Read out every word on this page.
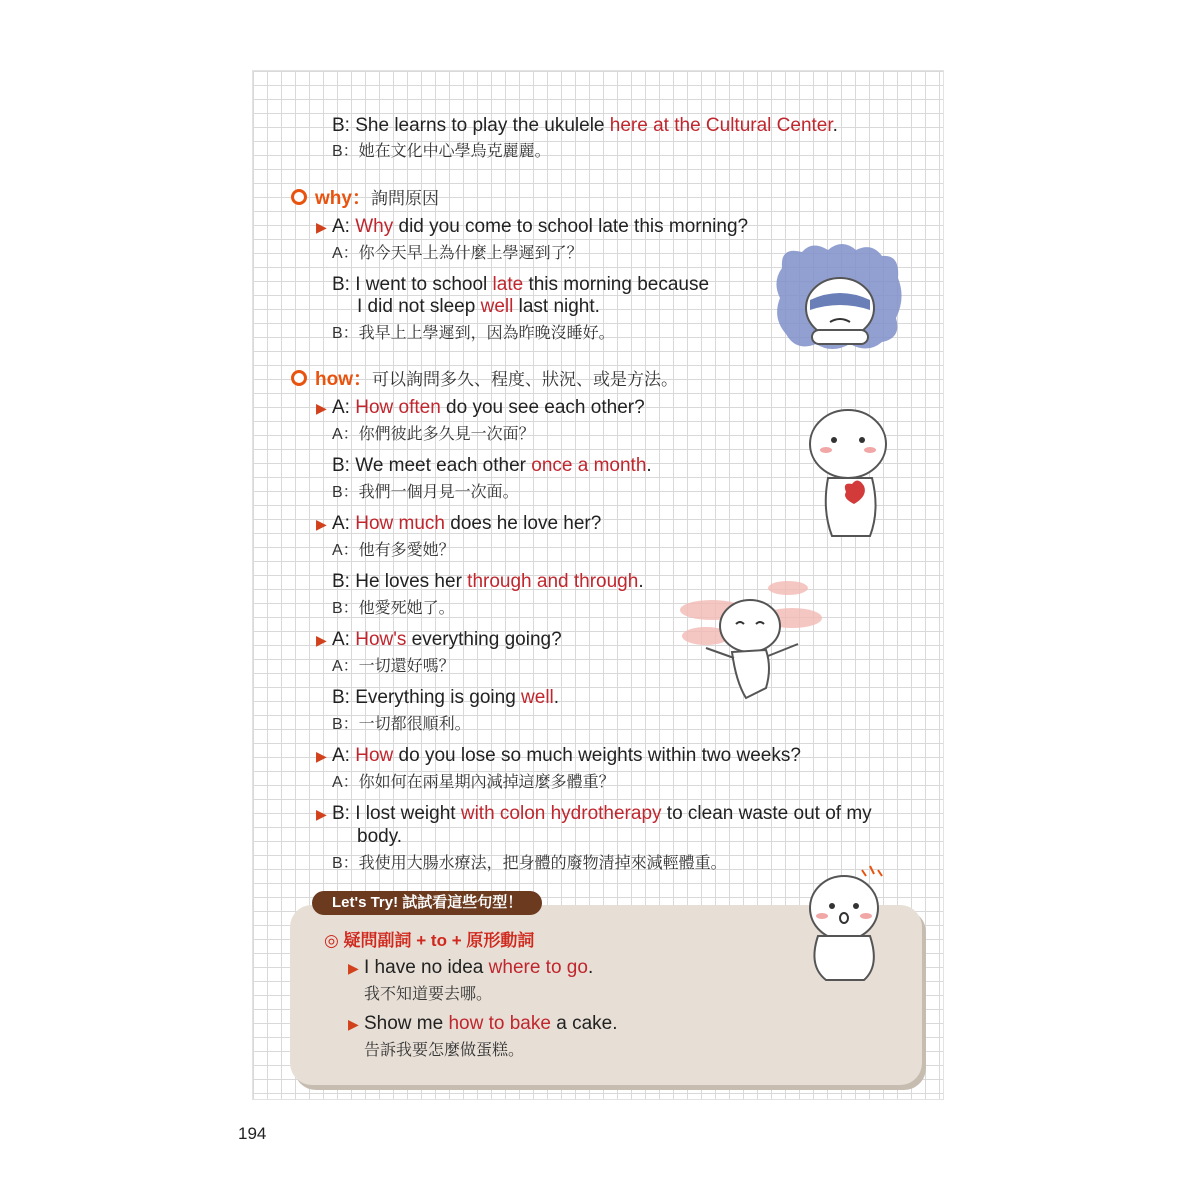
B: She learns to play the ukulele here at the Cultural Center.
B：她在文化中心學烏克麗麗。
why：詢問原因
▶ A: Why did you come to school late this morning?
A：你今天早上為什麼上學遲到了？
B: I went to school late this morning because
I did not sleep well last night.
B：我早上上學遲到，因為昨晚沒睡好。
how：可以詢問多久、程度、狀況、或是方法。
▶ A: How often do you see each other?
A：你們彼此多久見一次面？
B: We meet each other once a month.
B：我們一個月見一次面。
▶ A: How much does he love her?
A：他有多愛她？
B: He loves her through and through.
B：他愛死她了。
▶ A: How's everything going?
A：一切還好嗎？
B: Everything is going well.
B：一切都很順利。
▶ A: How do you lose so much weights within two weeks?
A：你如何在兩星期內減掉這麼多體重？
▶ B: I lost weight with colon hydrotherapy to clean waste out of my
body.
B：我使用大腸水療法，把身體的廢物清掉來減輕體重。
Let's Try! 試試看這些句型！
◎ 疑問副詞 + to + 原形動詞
▶ I have no idea where to go.
我不知道要去哪。
▶ Show me how to bake a cake.
告訴我要怎麼做蛋糕。
194
